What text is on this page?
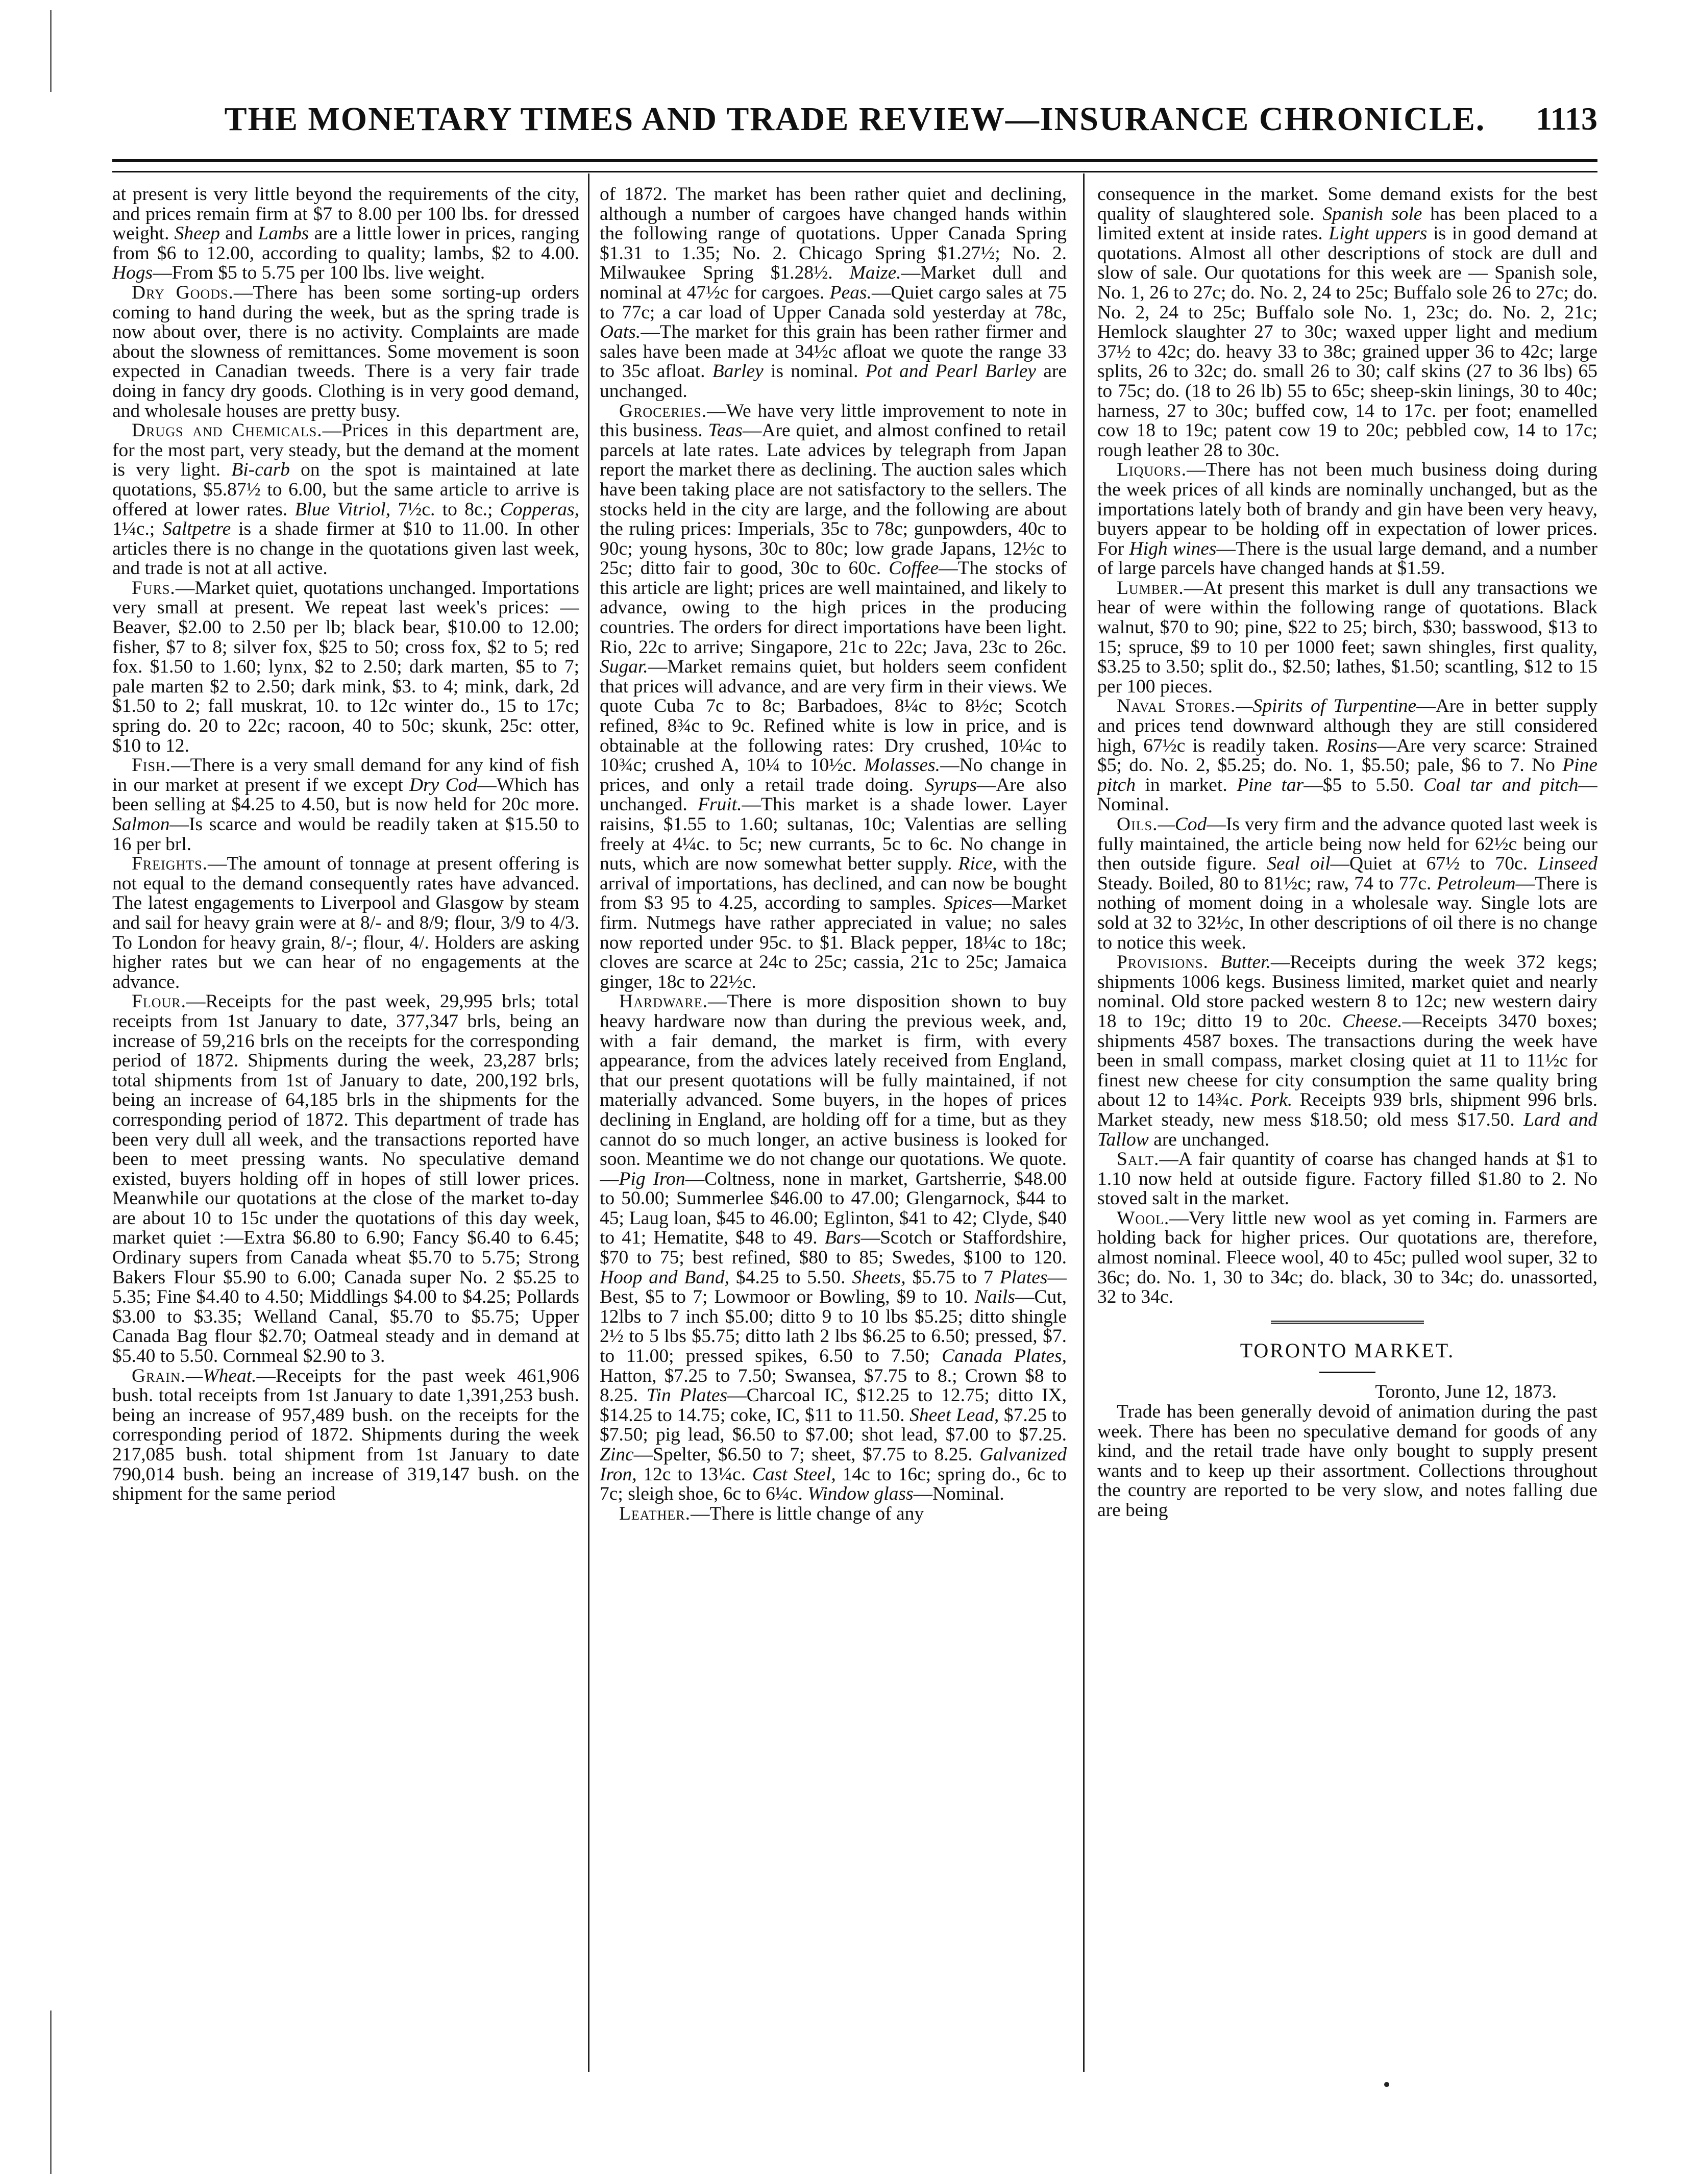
THE MONETARY TIMES AND TRADE REVIEW—INSURANCE CHRONICLE.	1113

at present is very little beyond the requirements of the city, and prices remain firm at $7 to 8.00 per 100 lbs. for dressed weight. Sheep and Lambs are a little lower in prices, ranging from $6 to 12.00, according to quality; lambs, $2 to 4.00. Hogs—From $5 to 5.75 per 100 lbs. live weight.

Dry Goods.—There has been some sorting-up orders coming to hand during the week, but as the spring trade is now about over, there is no activity. Complaints are made about the slowness of remittances. Some movement is soon expected in Canadian tweeds. There is a very fair trade doing in fancy dry goods. Clothing is in very good demand, and wholesale houses are pretty busy.

Drugs and Chemicals.—Prices in this department are, for the most part, very steady, but the demand at the moment is very light. Bi-carb on the spot is maintained at late quotations, $5.87½ to 6.00, but the same article to arrive is offered at lower rates. Blue Vitriol, 7½c. to 8c.; Copperas, 1¼c.; Saltpetre is a shade firmer at $10 to 11.00. In other articles there is no change in the quotations given last week, and trade is not at all active.

Furs.—Market quiet, quotations unchanged. Importations very small at present. We repeat last week's prices: — Beaver, $2.00 to 2.50 per lb; black bear, $10.00 to 12.00; fisher, $7 to 8; silver fox, $25 to 50; cross fox, $2 to 5; red fox. $1.50 to 1.60; lynx, $2 to 2.50; dark marten, $5 to 7; pale marten $2 to 2.50; dark mink, $3. to 4; mink, dark, 2d $1.50 to 2; fall muskrat, 10. to 12c winter do., 15 to 17c; spring do. 20 to 22c; racoon, 40 to 50c; skunk, 25c: otter, $10 to 12.

Fish.—There is a very small demand for any kind of fish in our market at present if we except Dry Cod—Which has been selling at $4.25 to 4.50, but is now held for 20c more. Salmon—Is scarce and would be readily taken at $15.50 to 16 per brl.

Freights.—The amount of tonnage at present offering is not equal to the demand consequently rates have advanced. The latest engagements to Liverpool and Glasgow by steam and sail for heavy grain were at 8/- and 8/9; flour, 3/9 to 4/3. To London for heavy grain, 8/-; flour, 4/. Holders are asking higher rates but we can hear of no engagements at the advance.

Flour.—Receipts for the past week, 29,995 brls; total receipts from 1st January to date, 377,347 brls, being an increase of 59,216 brls on the receipts for the corresponding period of 1872. Shipments during the week, 23,287 brls; total shipments from 1st of January to date, 200,192 brls, being an increase of 64,185 brls in the shipments for the corresponding period of 1872. This department of trade has been very dull all week, and the transactions reported have been to meet pressing wants. No speculative demand existed, buyers holding off in hopes of still lower prices. Meanwhile our quotations at the close of the market to-day are about 10 to 15c under the quotations of this day week, market quiet :—Extra $6.80 to 6.90; Fancy $6.40 to 6.45; Ordinary supers from Canada wheat $5.70 to 5.75; Strong Bakers Flour $5.90 to 6.00; Canada super No. 2 $5.25 to 5.35; Fine $4.40 to 4.50; Middlings $4.00 to $4.25; Pollards $3.00 to $3.35; Welland Canal, $5.70 to $5.75; Upper Canada Bag flour $2.70; Oatmeal steady and in demand at $5.40 to 5.50. Cornmeal $2.90 to 3.

Grain.—Wheat.—Receipts for the past week 461,906 bush. total receipts from 1st January to date 1,391,253 bush. being an increase of 957,489 bush. on the receipts for the corresponding period of 1872. Shipments during the week 217,085 bush. total shipment from 1st January to date 790,014 bush. being an increase of 319,147 bush. on the shipment for the same period

of 1872. The market has been rather quiet and declining, although a number of cargoes have changed hands within the following range of quotations. Upper Canada Spring $1.31 to 1.35; No. 2. Chicago Spring $1.27½; No. 2. Milwaukee Spring $1.28½. Maize.—Market dull and nominal at 47½c for cargoes. Peas.—Quiet cargo sales at 75 to 77c; a car load of Upper Canada sold yesterday at 78c, Oats.—The market for this grain has been rather firmer and sales have been made at 34½c afloat we quote the range 33 to 35c afloat. Barley is nominal. Pot and Pearl Barley are unchanged.

Groceries.—We have very little improvement to note in this business. Teas—Are quiet, and almost confined to retail parcels at late rates. Late advices by telegraph from Japan report the market there as declining. The auction sales which have been taking place are not satisfactory to the sellers. The stocks held in the city are large, and the following are about the ruling prices: Imperials, 35c to 78c; gunpowders, 40c to 90c; young hysons, 30c to 80c; low grade Japans, 12½c to 25c; ditto fair to good, 30c to 60c. Coffee—The stocks of this article are light; prices are well maintained, and likely to advance, owing to the high prices in the producing countries. The orders for direct importations have been light. Rio, 22c to arrive; Singapore, 21c to 22c; Java, 23c to 26c. Sugar.—Market remains quiet, but holders seem confident that prices will advance, and are very firm in their views. We quote Cuba 7c to 8c; Barbadoes, 8¼c to 8½c; Scotch refined, 8¾c to 9c. Refined white is low in price, and is obtainable at the following rates: Dry crushed, 10¼c to 10¾c; crushed A, 10¼ to 10½c. Molasses.—No change in prices, and only a retail trade doing. Syrups—Are also unchanged. Fruit.—This market is a shade lower. Layer raisins, $1.55 to 1.60; sultanas, 10c; Valentias are selling freely at 4¼c. to 5c; new currants, 5c to 6c. No change in nuts, which are now somewhat better supply. Rice, with the arrival of importations, has declined, and can now be bought from $3 95 to 4.25, according to samples. Spices—Market firm. Nutmegs have rather appreciated in value; no sales now reported under 95c. to $1. Black pepper, 18¼c to 18c; cloves are scarce at 24c to 25c; cassia, 21c to 25c; Jamaica ginger, 18c to 22½c.

Hardware.—There is more disposition shown to buy heavy hardware now than during the previous week, and, with a fair demand, the market is firm, with every appearance, from the advices lately received from England, that our present quotations will be fully maintained, if not materially advanced. Some buyers, in the hopes of prices declining in England, are holding off for a time, but as they cannot do so much longer, an active business is looked for soon. Meantime we do not change our quotations. We quote.—Pig Iron—Coltness, none in market, Gartsherrie, $48.00 to 50.00; Summerlee $46.00 to 47.00; Glengarnock, $44 to 45; Laug loan, $45 to 46.00; Eglinton, $41 to 42; Clyde, $40 to 41; Hematite, $48 to 49. Bars—Scotch or Staffordshire, $70 to 75; best refined, $80 to 85; Swedes, $100 to 120. Hoop and Band, $4.25 to 5.50. Sheets, $5.75 to 7 Plates—Best, $5 to 7; Lowmoor or Bowling, $9 to 10. Nails—Cut, 12lbs to 7 inch $5.00; ditto 9 to 10 lbs $5.25; ditto shingle 2½ to 5 lbs $5.75; ditto lath 2 lbs $6.25 to 6.50; pressed, $7. to 11.00; pressed spikes, 6.50 to 7.50; Canada Plates, Hatton, $7.25 to 7.50; Swansea, $7.75 to 8.; Crown $8 to 8.25. Tin Plates—Charcoal IC, $12.25 to 12.75; ditto IX, $14.25 to 14.75; coke, IC, $11 to 11.50. Sheet Lead, $7.25 to $7.50; pig lead, $6.50 to $7.00; shot lead, $7.00 to $7.25. Zinc—Spelter, $6.50 to 7; sheet, $7.75 to 8.25. Galvanized Iron, 12c to 13¼c. Cast Steel, 14c to 16c; spring do., 6c to 7c; sleigh shoe, 6c to 6¼c. Window glass—Nominal.

Leather.—There is little change of any

consequence in the market. Some demand exists for the best quality of slaughtered sole. Spanish sole has been placed to a limited extent at inside rates. Light uppers is in good demand at quotations. Almost all other descriptions of stock are dull and slow of sale. Our quotations for this week are — Spanish sole, No. 1, 26 to 27c; do. No. 2, 24 to 25c; Buffalo sole 26 to 27c; do. No. 2, 24 to 25c; Buffalo sole No. 1, 23c; do. No. 2, 21c; Hemlock slaughter 27 to 30c; waxed upper light and medium 37½ to 42c; do. heavy 33 to 38c; grained upper 36 to 42c; large splits, 26 to 32c; do. small 26 to 30; calf skins (27 to 36 lbs) 65 to 75c; do. (18 to 26 lb) 55 to 65c; sheep-skin linings, 30 to 40c; harness, 27 to 30c; buffed cow, 14 to 17c. per foot; enamelled cow 18 to 19c; patent cow 19 to 20c; pebbled cow, 14 to 17c; rough leather 28 to 30c.

Liquors.—There has not been much business doing during the week prices of all kinds are nominally unchanged, but as the importations lately both of brandy and gin have been very heavy, buyers appear to be holding off in expectation of lower prices. For High wines—There is the usual large demand, and a number of large parcels have changed hands at $1.59.

Lumber.—At present this market is dull any transactions we hear of were within the following range of quotations. Black walnut, $70 to 90; pine, $22 to 25; birch, $30; basswood, $13 to 15; spruce, $9 to 10 per 1000 feet; sawn shingles, first quality, $3.25 to 3.50; split do., $2.50; lathes, $1.50; scantling, $12 to 15 per 100 pieces.

Naval Stores.—Spirits of Turpentine—Are in better supply and prices tend downward although they are still considered high, 67½c is readily taken. Rosins—Are very scarce: Strained $5; do. No. 2, $5.25; do. No. 1, $5.50; pale, $6 to 7. No Pine pitch in market. Pine tar—$5 to 5.50. Coal tar and pitch—Nominal.

Oils.—Cod—Is very firm and the advance quoted last week is fully maintained, the article being now held for 62½c being our then outside figure. Seal oil—Quiet at 67½ to 70c. Linseed Steady. Boiled, 80 to 81½c; raw, 74 to 77c. Petroleum—There is nothing of moment doing in a wholesale way. Single lots are sold at 32 to 32½c, In other descriptions of oil there is no change to notice this week.

Provisions. Butter.—Receipts during the week 372 kegs; shipments 1006 kegs. Business limited, market quiet and nearly nominal. Old store packed western 8 to 12c; new western dairy 18 to 19c; ditto 19 to 20c. Cheese.—Receipts 3470 boxes; shipments 4587 boxes. The transactions during the week have been in small compass, market closing quiet at 11 to 11½c for finest new cheese for city consumption the same quality bring about 12 to 14¾c. Pork. Receipts 939 brls, shipment 996 brls. Market steady, new mess $18.50; old mess $17.50. Lard and Tallow are unchanged.

Salt.—A fair quantity of coarse has changed hands at $1 to 1.10 now held at outside figure. Factory filled $1.80 to 2. No stoved salt in the market.

Wool.—Very little new wool as yet coming in. Farmers are holding back for higher prices. Our quotations are, therefore, almost nominal. Fleece wool, 40 to 45c; pulled wool super, 32 to 36c; do. No. 1, 30 to 34c; do. black, 30 to 34c; do. unassorted, 32 to 34c.

TORONTO MARKET.

Toronto, June 12, 1873.

Trade has been generally devoid of animation during the past week. There has been no speculative demand for goods of any kind, and the retail trade have only bought to supply present wants and to keep up their assortment. Collections throughout the country are reported to be very slow, and notes falling due are being
